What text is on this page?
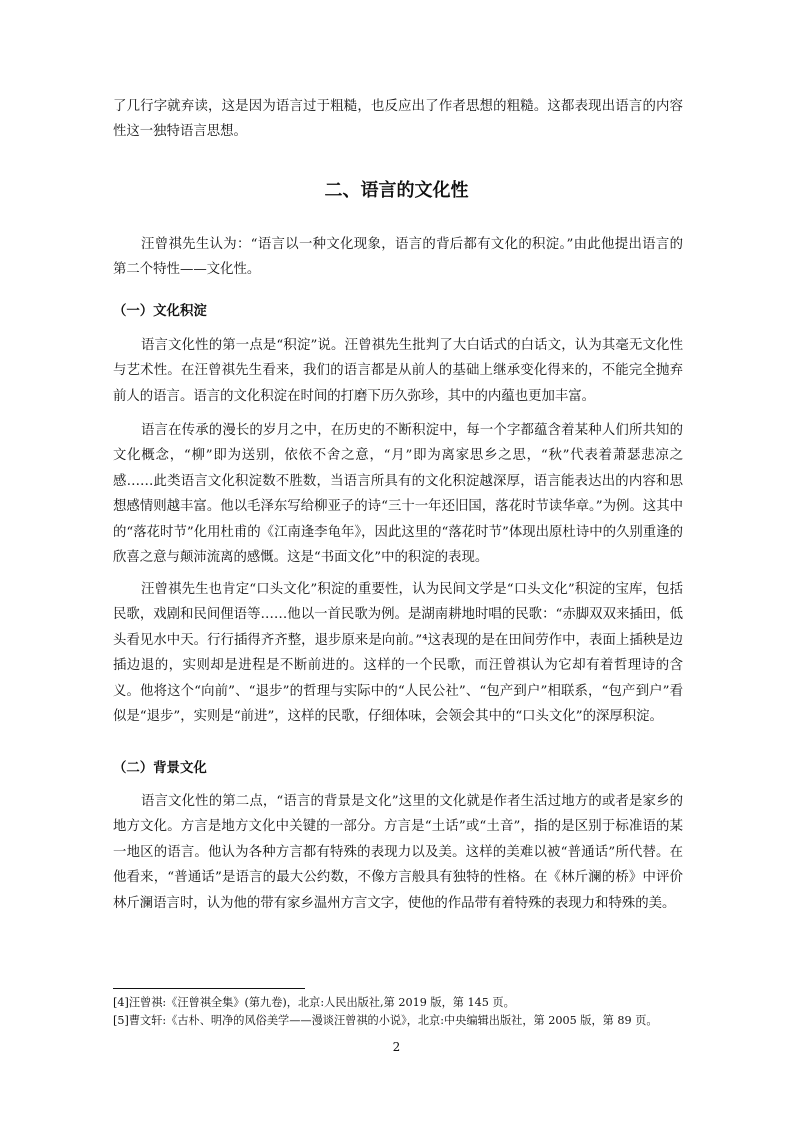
了几行字就弃读，这是因为语言过于粗糙，也反应出了作者思想的粗糙。这都表现出语言的内容性这一独特语言思想。

二、语言的文化性

汪曾祺先生认为：“语言以一种文化现象，语言的背后都有文化的积淀。”由此他提出语言的第二个特性——文化性。

（一）文化积淀

语言文化性的第一点是“积淀”说。汪曾祺先生批判了大白话式的白话文，认为其毫无文化性与艺术性。在汪曾祺先生看来，我们的语言都是从前人的基础上继承变化得来的，不能完全抛弃前人的语言。语言的文化积淀在时间的打磨下历久弥珍，其中的内蕴也更加丰富。

语言在传承的漫长的岁月之中，在历史的不断积淀中，每一个字都蕴含着某种人们所共知的文化概念，“柳”即为送别，依依不舍之意，“月”即为离家思乡之思，“秋”代表着萧瑟悲凉之感……此类语言文化积淀数不胜数，当语言所具有的文化积淀越深厚，语言能表达出的内容和思想感情则越丰富。他以毛泽东写给柳亚子的诗“三十一年还旧国，落花时节读华章。”为例。这其中的“落花时节”化用杜甫的《江南逢李龟年》，因此这里的“落花时节”体现出原杜诗中的久别重逢的欣喜之意与颠沛流离的感慨。这是“书面文化”中的积淀的表现。

汪曾祺先生也肯定“口头文化”积淀的重要性，认为民间文学是“口头文化”积淀的宝库，包括民歌，戏剧和民间俚语等……他以一首民歌为例。是湖南耕地时唱的民歌：“赤脚双双来插田，低头看见水中天。行行插得齐齐整，退步原来是向前。”⁴这表现的是在田间劳作中，表面上插秧是边插边退的，实则却是进程是不断前进的。这样的一个民歌，而汪曾祺认为它却有着哲理诗的含义。他将这个“向前”、“退步”的哲理与实际中的“人民公社”、“包产到户”相联系，“包产到户”看似是“退步”，实则是“前进”，这样的民歌，仔细体味，会领会其中的“口头文化”的深厚积淀。

（二）背景文化

语言文化性的第二点，“语言的背景是文化”这里的文化就是作者生活过地方的或者是家乡的地方文化。方言是地方文化中关键的一部分。方言是“土话”或“土音”，指的是区别于标准语的某一地区的语言。他认为各种方言都有特殊的表现力以及美。这样的美难以被“普通话”所代替。在他看来，“普通话”是语言的最大公约数，不像方言般具有独特的性格。在《林斤澜的桥》中评价林斤澜语言时，认为他的带有家乡温州方言文字，使他的作品带有着特殊的表现力和特殊的美。

[4]汪曾祺:《汪曾祺全集》(第九卷)，北京:人民出版社,第 2019 版，第 145 页。

[5]曹文轩:《古朴、明净的风俗美学——漫谈汪曾祺的小说》，北京:中央编辑出版社，第 2005 版，第 89 页。

2
